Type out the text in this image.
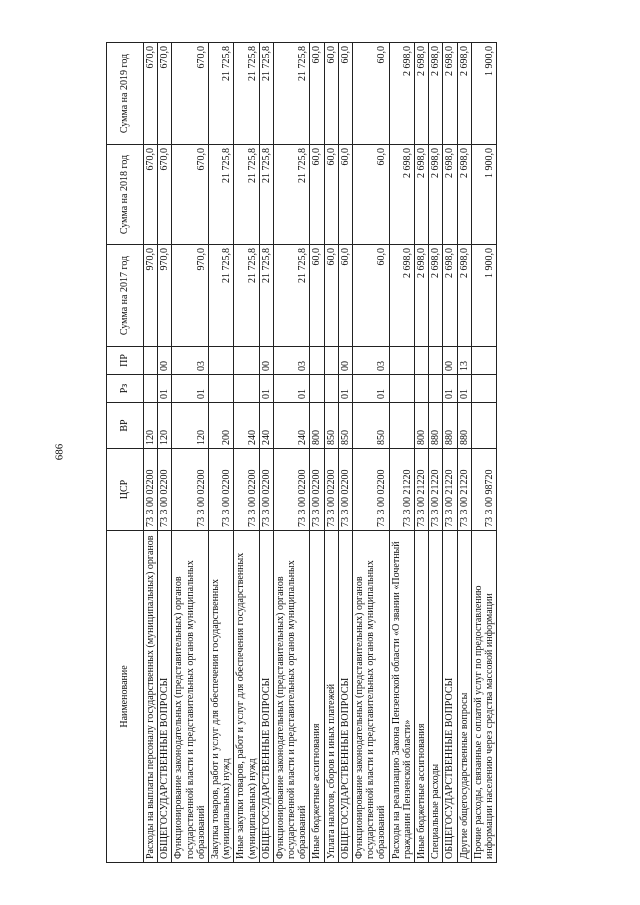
686
Наименование	ЦСР	ВР	Рз	ПР	Сумма на 2017 год	Сумма на 2018 год	Сумма на 2019 год
Расходы на выплаты персоналу государственных (муниципальных) органов	73 3 00 02200	120			970,0	670,0	670,0
ОБЩЕГОСУДАРСТВЕННЫЕ ВОПРОСЫ	73 3 00 02200	120	01	00	970,0	670,0	670,0
Функционирование законодательных (представительных) органов государственной власти и представительных органов муниципальных образований	73 3 00 02200	120	01	03	970,0	670,0	670,0
Закупка товаров, работ и услуг для обеспечения государственных (муниципальных) нужд	73 3 00 02200	200			21 725,8	21 725,8	21 725,8
Иные закупки товаров, работ и услуг для обеспечения государственных (муниципальных) нужд	73 3 00 02200	240			21 725,8	21 725,8	21 725,8
ОБЩЕГОСУДАРСТВЕННЫЕ ВОПРОСЫ	73 3 00 02200	240	01	00	21 725,8	21 725,8	21 725,8
Функционирование законодательных (представительных) органов государственной власти и представительных органов муниципальных образований	73 3 00 02200	240	01	03	21 725,8	21 725,8	21 725,8
Иные бюджетные ассигнования	73 3 00 02200	800			60,0	60,0	60,0
Уплата налогов, сборов и иных платежей	73 3 00 02200	850			60,0	60,0	60,0
ОБЩЕГОСУДАРСТВЕННЫЕ ВОПРОСЫ	73 3 00 02200	850	01	00	60,0	60,0	60,0
Функционирование законодательных (представительных) органов государственной власти и представительных органов муниципальных образований	73 3 00 02200	850	01	03	60,0	60,0	60,0
Расходы на реализацию Закона Пензенской области «О звании «Почетный гражданин Пензенской области»	73 3 00 21220				2 698,0	2 698,0	2 698,0
Иные бюджетные ассигнования	73 3 00 21220	800			2 698,0	2 698,0	2 698,0
Специальные расходы	73 3 00 21220	880			2 698,0	2 698,0	2 698,0
ОБЩЕГОСУДАРСТВЕННЫЕ ВОПРОСЫ	73 3 00 21220	880	01	00	2 698,0	2 698,0	2 698,0
Другие общегосударственные вопросы	73 3 00 21220	880	01	13	2 698,0	2 698,0	2 698,0
Прочие расходы, связанные с оплатой услуг по предоставлению информации населению через средства массовой информации	73 3 00 98720				1 900,0	1 900,0	1 900,0
